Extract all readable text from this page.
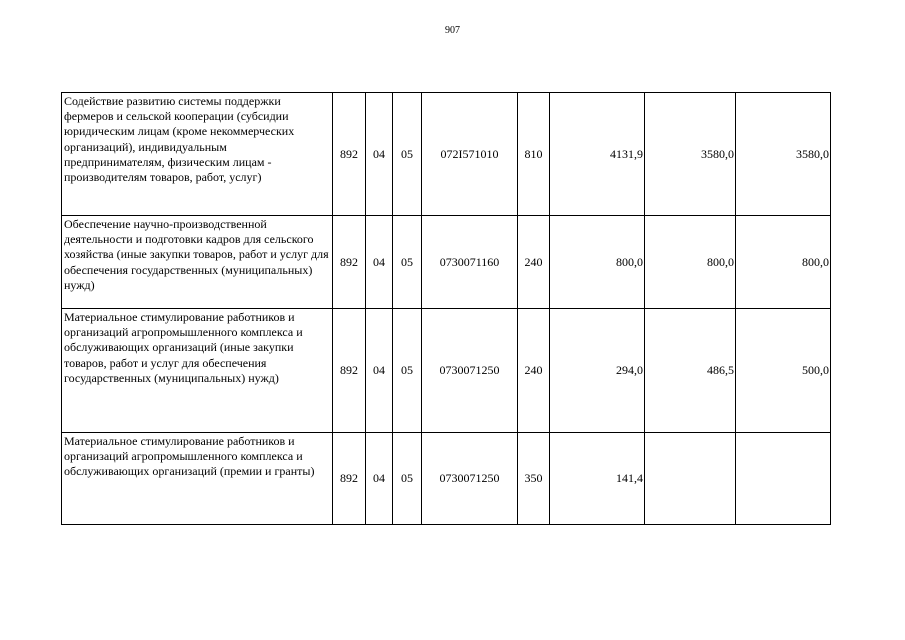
907
Содействие развитию системы поддержки фермеров и сельской кооперации (субсидии юридическим лицам (кроме некоммерческих организаций), индивидуальным предпринимателям, физическим лицам - производителям товаров, работ, услуг)	892	04	05	072I571010	810	4131,9	3580,0	3580,0
Обеспечение научно-производственной деятельности и подготовки кадров для сельского хозяйства (иные закупки товаров, работ и услуг для обеспечения государственных (муниципальных) нужд)	892	04	05	0730071160	240	800,0	800,0	800,0
Материальное стимулирование работников и организаций агропромышленного комплекса и обслуживающих организаций (иные закупки товаров, работ и услуг для обеспечения государственных (муниципальных) нужд)	892	04	05	0730071250	240	294,0	486,5	500,0
Материальное стимулирование работников и организаций агропромышленного комплекса и обслуживающих организаций (премии и гранты)	892	04	05	0730071250	350	141,4		
